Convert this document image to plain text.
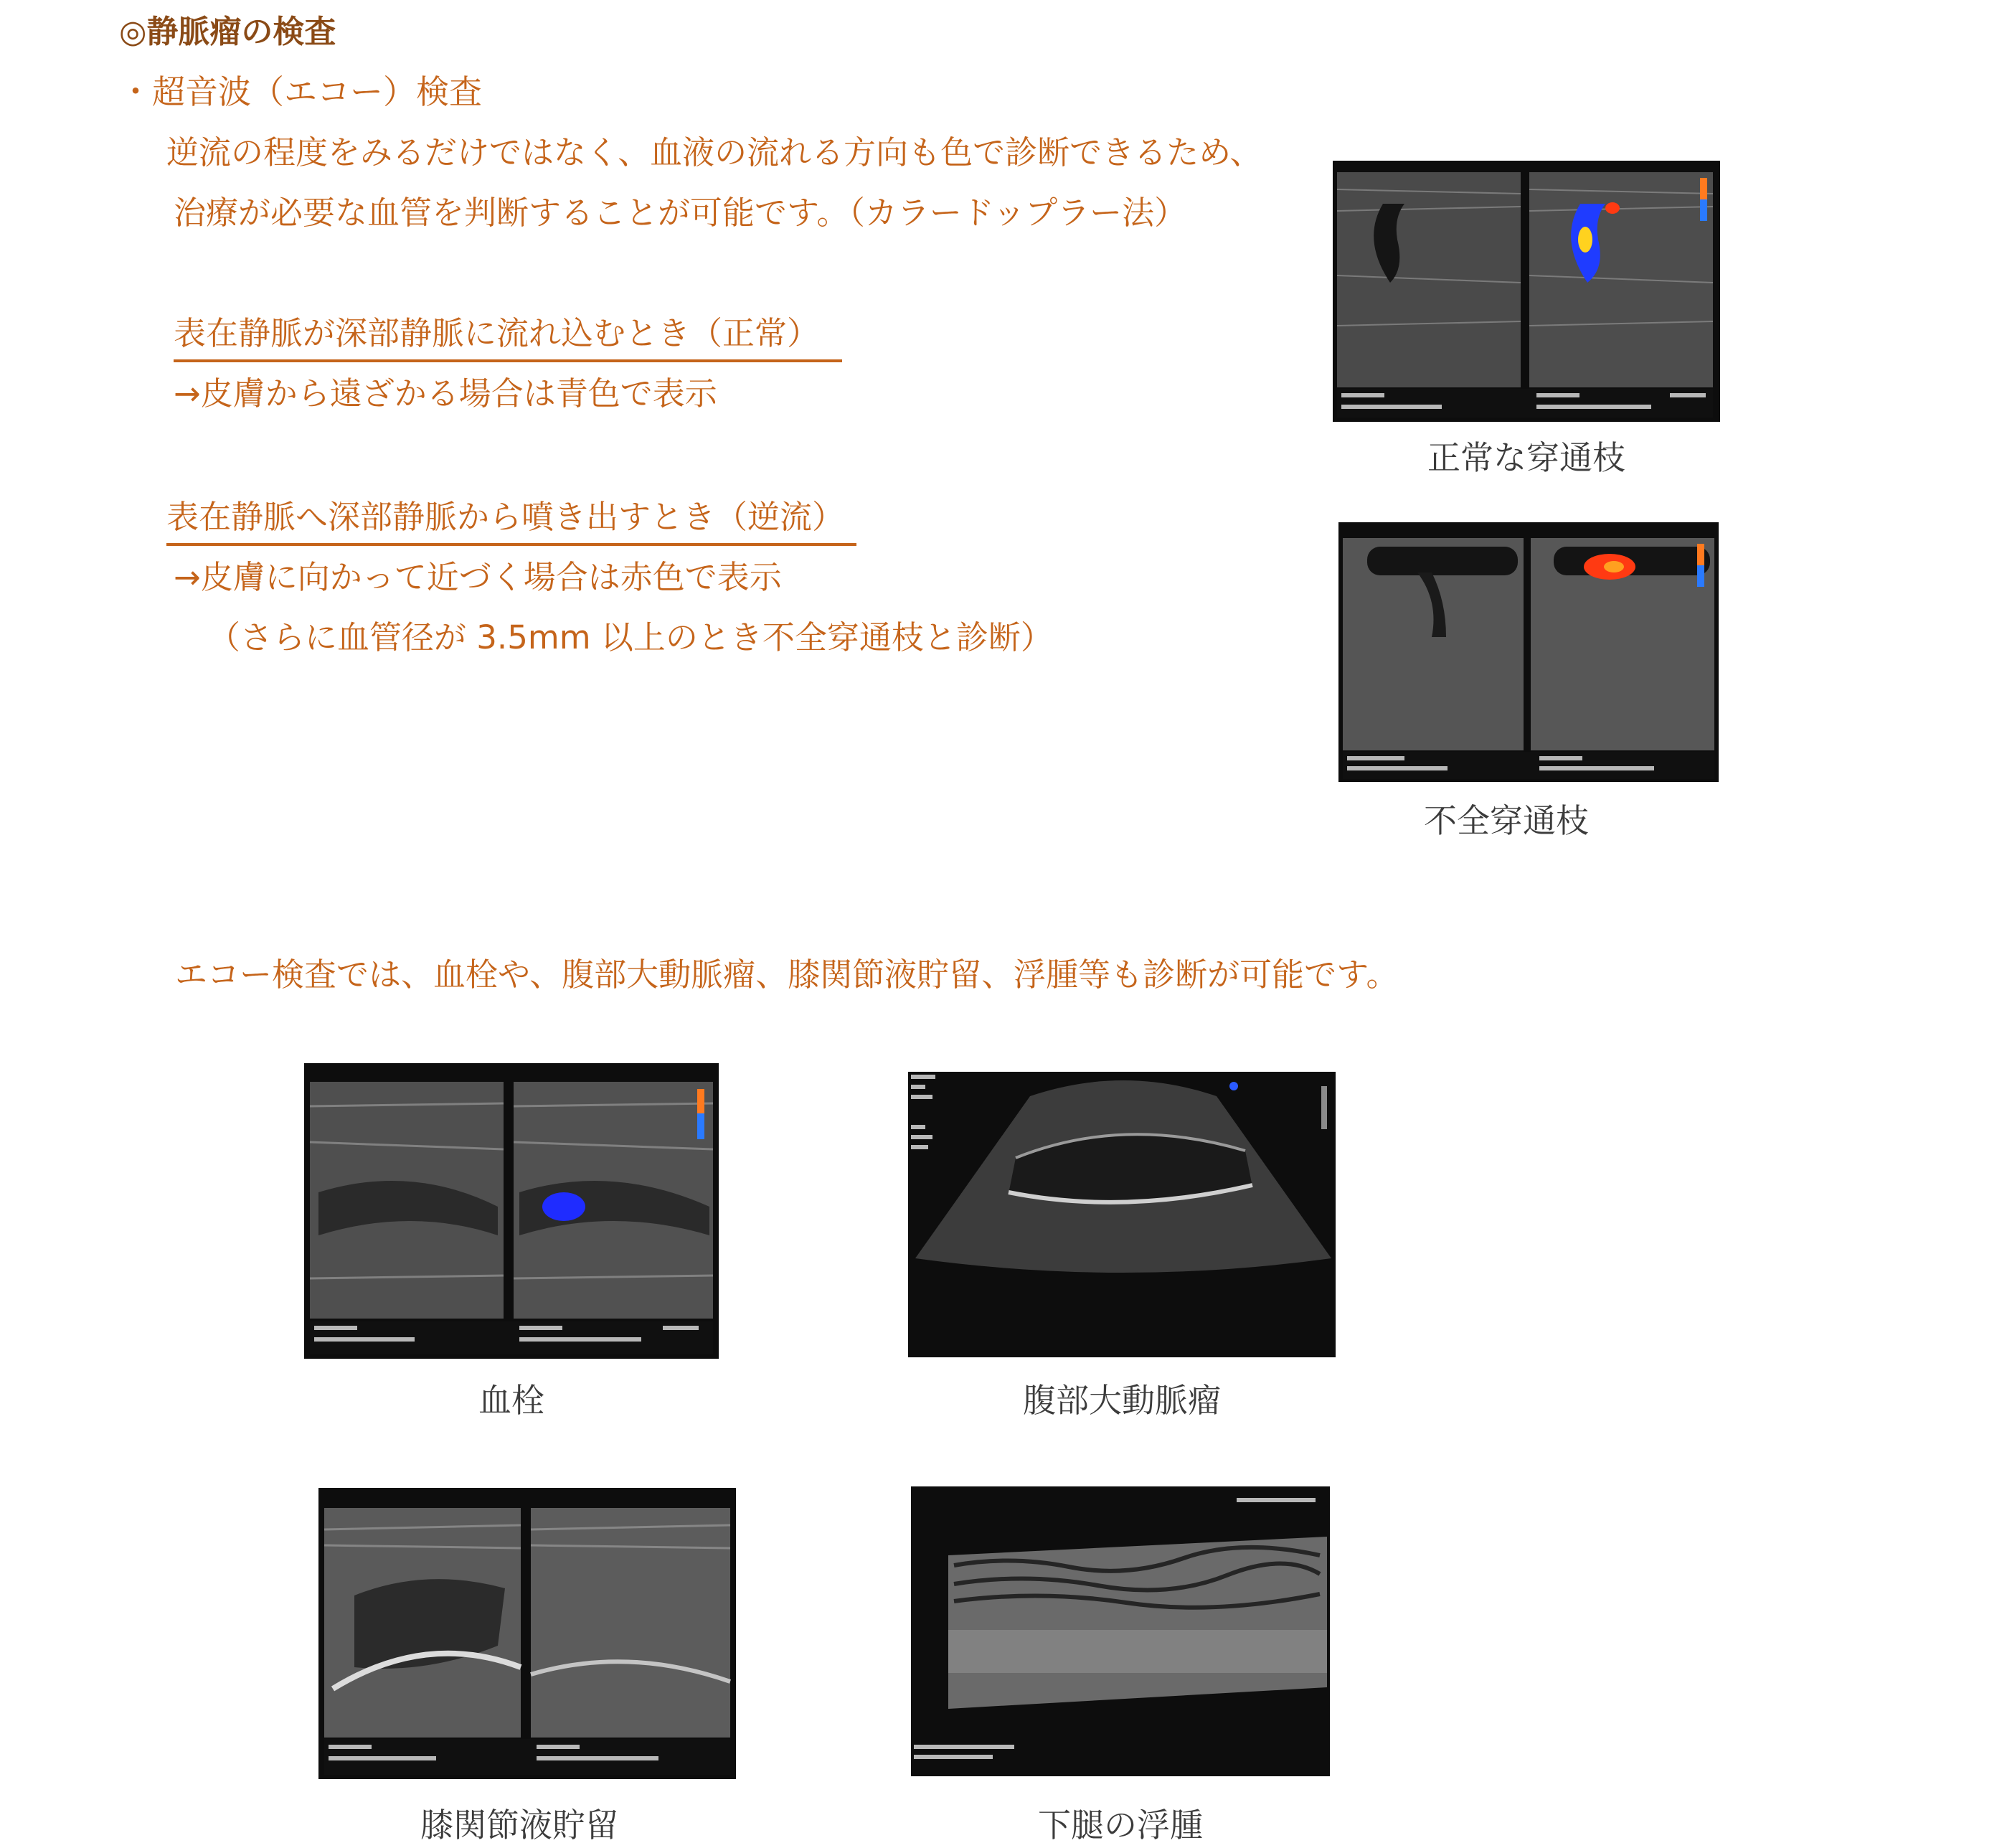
◎静脈瘤の検査
・超音波（エコー）検査
逆流の程度をみるだけではなく、血液の流れる方向も色で診断できるため、
治療が必要な血管を判断することが可能です。（カラードップラー法）
表在静脈が深部静脈に流れ込むとき（正常）
→皮膚から遠ざかる場合は青色で表示
表在静脈へ深部静脈から噴き出すとき（逆流）
→皮膚に向かって近づく場合は赤色で表示
（さらに血管径が 3.5mm 以上のとき不全穿通枝と診断）
正常な穿通枝
不全穿通枝
エコー検査では、血栓や、腹部大動脈瘤、膝関節液貯留、浮腫等も診断が可能です。
血栓	腹部大動脈瘤
膝関節液貯留	下腿の浮腫
